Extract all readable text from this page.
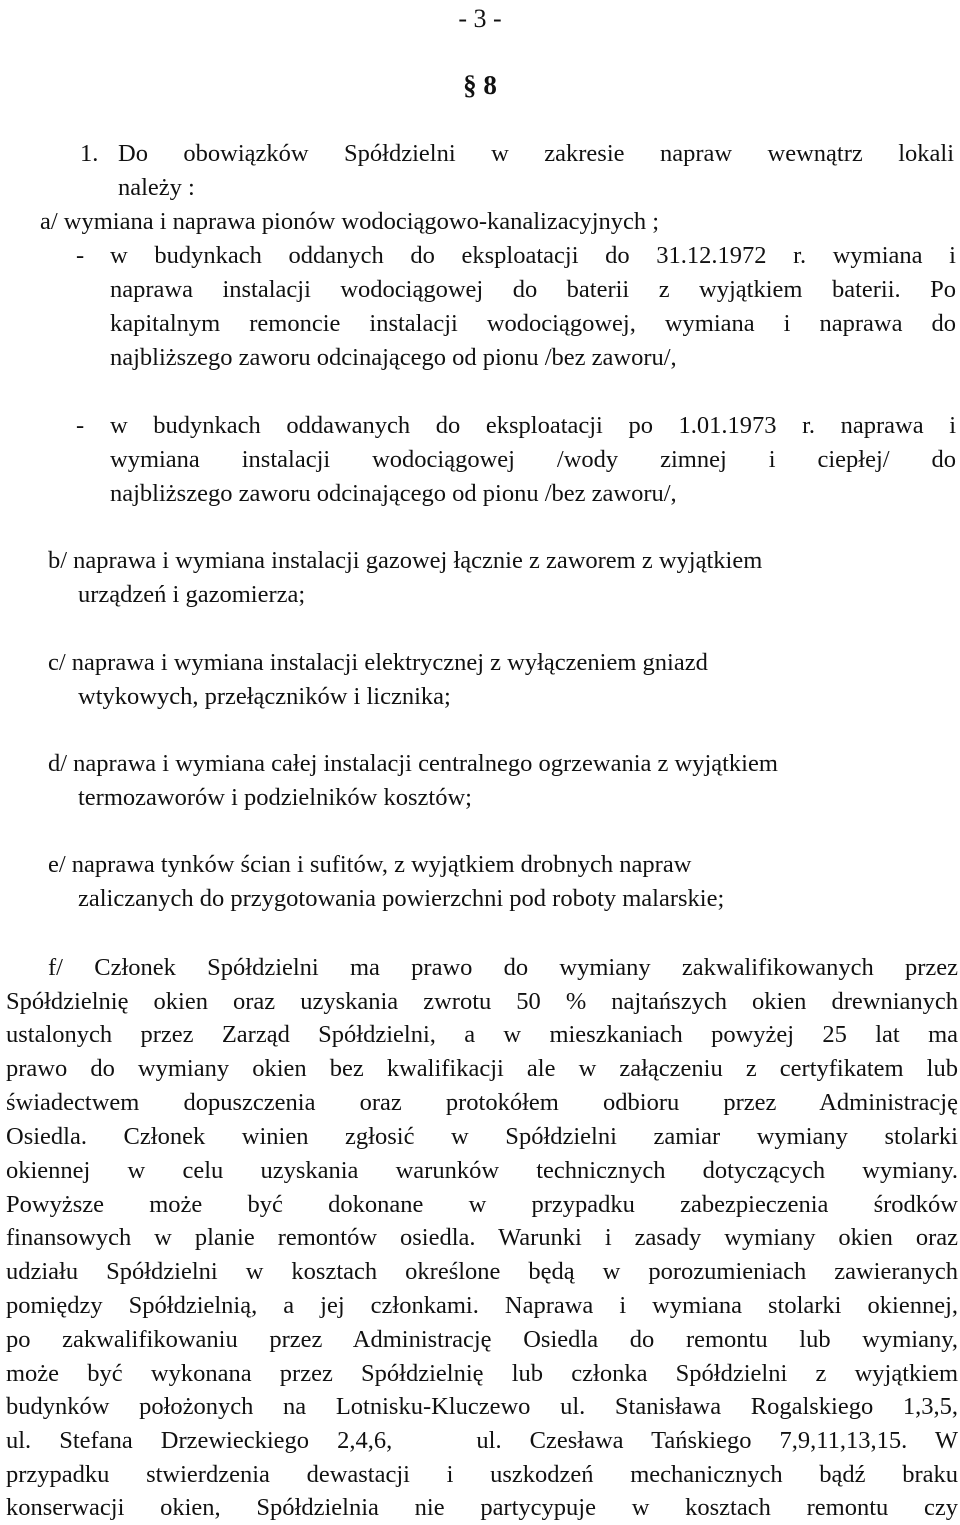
- 3 -
§ 8
1. Do obowiązków Spółdzielni w zakresie napraw wewnątrz lokali
należy :
a/ wymiana i naprawa pionów wodociągowo-kanalizacyjnych ;
- w budynkach oddanych do eksploatacji do 31.12.1972 r. wymiana i
naprawa instalacji wodociągowej do baterii z wyjątkiem baterii. Po
kapitalnym remoncie instalacji wodociągowej, wymiana i naprawa do
najbliższego zaworu odcinającego od pionu /bez zaworu/,
- w budynkach oddawanych do eksploatacji po 1.01.1973 r. naprawa i
wymiana instalacji wodociągowej /wody zimnej i ciepłej/ do
najbliższego zaworu odcinającego od pionu /bez zaworu/,
b/ naprawa i wymiana instalacji gazowej łącznie z zaworem z wyjątkiem
urządzeń i gazomierza;
c/ naprawa i wymiana instalacji elektrycznej z wyłączeniem gniazd
wtykowych, przełączników i licznika;
d/ naprawa i wymiana całej instalacji centralnego ogrzewania z wyjątkiem
termozaworów i podzielników kosztów;
e/ naprawa tynków ścian i sufitów, z wyjątkiem drobnych napraw
zaliczanych do przygotowania powierzchni pod roboty malarskie;
f/ Członek Spółdzielni ma prawo do wymiany zakwalifikowanych przez
Spółdzielnię okien oraz uzyskania zwrotu 50 % najtańszych okien drewnianych
ustalonych przez Zarząd Spółdzielni, a w mieszkaniach powyżej 25 lat ma
prawo do wymiany okien bez kwalifikacji ale w załączeniu z certyfikatem lub
świadectwem dopuszczenia oraz protokółem odbioru przez Administrację
Osiedla. Członek winien zgłosić w Spółdzielni zamiar wymiany stolarki
okiennej w celu uzyskania warunków technicznych dotyczących wymiany.
Powyższe może być dokonane w przypadku zabezpieczenia środków
finansowych w planie remontów osiedla. Warunki i zasady wymiany okien oraz
udziału Spółdzielni w kosztach określone będą w porozumieniach zawieranych
pomiędzy Spółdzielnią, a jej członkami. Naprawa i wymiana stolarki okiennej,
po zakwalifikowaniu przez Administrację Osiedla do remontu lub wymiany,
może być wykonana przez Spółdzielnię lub członka Spółdzielni z wyjątkiem
budynków położonych na Lotnisku-Kluczewo ul. Stanisława Rogalskiego 1,3,5,
ul. Stefana Drzewieckiego 2,4,6,   ul. Czesława Tańskiego 7,9,11,13,15. W
przypadku stwierdzenia dewastacji i uszkodzeń mechanicznych bądź braku
konserwacji okien, Spółdzielnia nie partycypuje w kosztach remontu czy
